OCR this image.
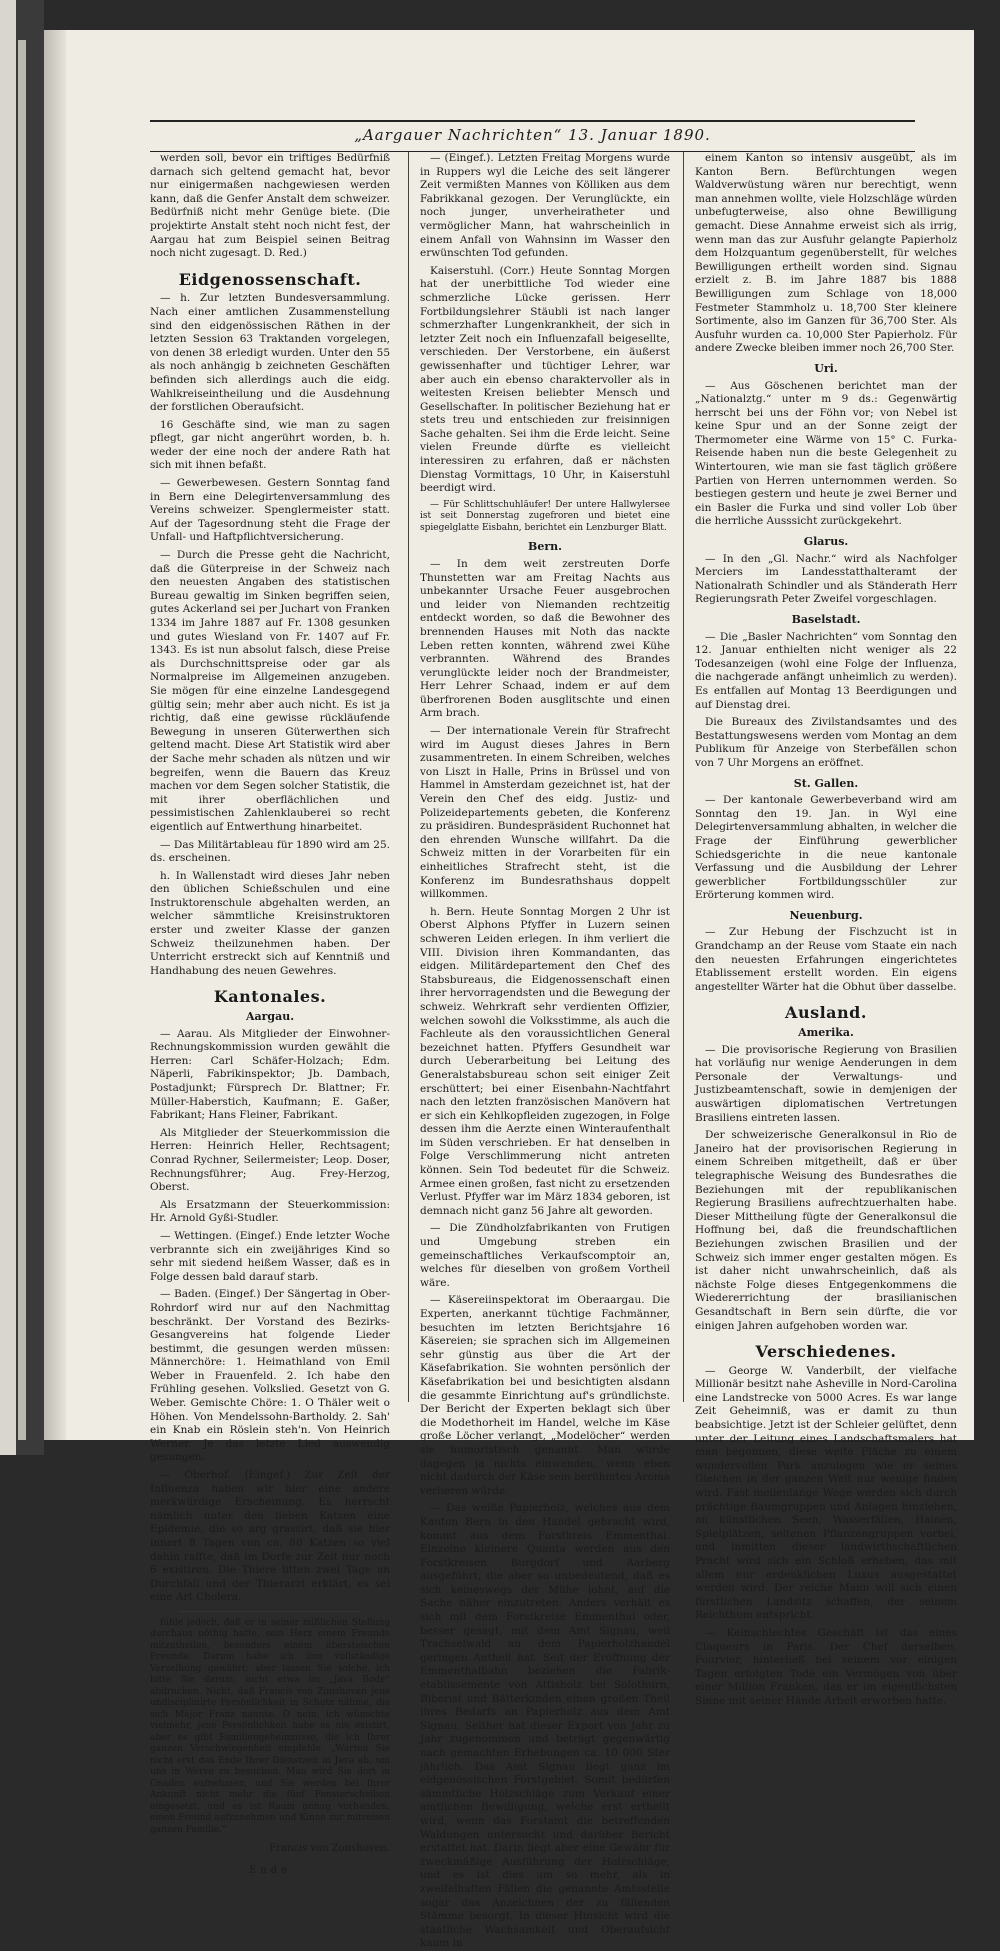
„Aargauer Nachrichten“ 13. Januar 1890.

werden soll, bevor ein triftiges Bedürfniß darnach sich geltend gemacht hat, bevor nur einigermaßen nachgewiesen werden kann, daß die Genfer Anstalt dem schweizer. Bedürfniß nicht mehr Genüge biete. (Die projektirte Anstalt steht noch nicht fest, der Aargau hat zum Beispiel seinen Beitrag noch nicht zugesagt. D. Red.)

Eidgenossenschaft.

— h. Zur letzten Bundesversammlung. Nach einer amtlichen Zusammenstellung sind den eidgenössischen Räthen in der letzten Session 63 Traktanden vorgelegen, von denen 38 erledigt wurden. Unter den 55 als noch anhängig b zeichneten Geschäften befinden sich allerdings auch die eidg. Wahlkreiseintheilung und die Ausdehnung der forstlichen Oberaufsicht.

16 Geschäfte sind, wie man zu sagen pflegt, gar nicht angerührt worden, b. h. weder der eine noch der andere Rath hat sich mit ihnen befaßt.

— Gewerbewesen. Gestern Sonntag fand in Bern eine Delegirtenversammlung des Vereins schweizer. Spenglermeister statt. Auf der Tagesordnung steht die Frage der Unfall- und Haftpflichtversicherung.

— Durch die Presse geht die Nachricht, daß die Güterpreise in der Schweiz nach den neuesten Angaben des statistischen Bureau gewaltig im Sinken begriffen seien, gutes Ackerland sei per Juchart von Franken 1334 im Jahre 1887 auf Fr. 1308 gesunken und gutes Wiesland von Fr. 1407 auf Fr. 1343. Es ist nun absolut falsch, diese Preise als Durchschnittspreise oder gar als Normalpreise im Allgemeinen anzugeben. Sie mögen für eine einzelne Landesgegend gültig sein; mehr aber auch nicht. Es ist ja richtig, daß eine gewisse rückläufende Bewegung in unseren Güterwerthen sich geltend macht. Diese Art Statistik wird aber der Sache mehr schaden als nützen und wir begreifen, wenn die Bauern das Kreuz machen vor dem Segen solcher Statistik, die mit ihrer oberflächlichen und pessimistischen Zahlenklauberei so recht eigentlich auf Entwerthung hinarbeitet.

— Das Militärtableau für 1890 wird am 25. ds. erscheinen.

h. In Wallenstadt wird dieses Jahr neben den üblichen Schießschulen und eine Instruktorenschule abgehalten werden, an welcher sämmtliche Kreisinstruktoren erster und zweiter Klasse der ganzen Schweiz theilzunehmen haben. Der Unterricht erstreckt sich auf Kenntniß und Handhabung des neuen Gewehres.

Kantonales.
Aargau.

— Aarau. Als Mitglieder der Einwohner-Rechnungskommission wurden gewählt die Herren: Carl Schäfer-Holzach; Edm. Näperli, Fabrikinspektor; Jb. Dambach, Postadjunkt; Fürsprech Dr. Blattner; Fr. Müller-Haberstich, Kaufmann; E. Gaßer, Fabrikant; Hans Fleiner, Fabrikant.

Als Mitglieder der Steuerkommission die Herren: Heinrich Heller, Rechtsagent; Conrad Rychner, Seilermeister; Leop. Doser, Rechnungsführer; Aug. Frey-Herzog, Oberst.

Als Ersatzmann der Steuerkommission: Hr. Arnold Gyßi-Studler.

— Wettingen. (Eingef.) Ende letzter Woche verbrannte sich ein zweijähriges Kind so sehr mit siedend heißem Wasser, daß es in Folge dessen bald darauf starb.

— Baden. (Eingef.) Der Sängertag in Ober-Rohrdorf wird nur auf den Nachmittag beschränkt. Der Vorstand des Bezirks-Gesangvereins hat folgende Lieder bestimmt, die gesungen werden müssen: Männerchöre: 1. Heimathland von Emil Weber in Frauenfeld. 2. Ich habe den Frühling gesehen. Volkslied. Gesetzt von G. Weber. Gemischte Chöre: 1. O Thäler weit o Höhen. Von Mendelssohn-Bartholdy. 2. Sah' ein Knab ein Röslein steh'n. Von Heinrich Werner. Je das letzte Lied auswendig gesungen.

— Oberhof. (Eingef.) Zur Zeit der Influenza haben wir hier eine andere merkwürdige Erscheinung. Es herrscht nämlich unter den lieben Katzen eine Epidemie, die so arg grassirt, daß sie hier innert 8 Tagen von ca. 80 Katzen so viel dahin raffte, daß im Dorfe zur Zeit nur noch 6 existiren. Die Thiere litten zwei Tage an Durchfall und der Thierarzt erklärt, es sei eine Art Cholera.

fühle jedoch, daß er in seiner mißlichen Stellung durchaus nöthig hatte, sein Herz einem Freunde mitzutheilen, besonders einem übersteischen Freunde. Darum habe ich ihm vollständige Verzeihung gewährt; aber lassen Sie solche, ich bitte Sie darum, nicht etwa im „Java Bode“ abdrucken. Nicht, daß Francis von Zonshoven jene undisciplinirte Persönlichkeit in Schutz nähme, die sich Major Franz nannte. O nein, ich wünschte vielmehr, jene Persönlichkeit habe es nie existirt, aber es gibt Familiengeheimnisse, die ich Ihrer ganzen Verschwiegenheit empfehle. „Warten Sie nicht erst das Ende Ihrer Dienstzeit in Java ab, um uns in Werve zu besuchen. Man wird Sie dort in Gnaden aufnehmen, und Sie werden bei Ihrer Ankunft nicht mehr die fünf Fensterscheiben eingesetzt, und es ist Raum genug vorhanden, einen Freund aufzunehmen und Kinne zur mitreisen ganzen Familie.“

Francis von Zonshoven.
Ende

— (Eingef.). Letzten Freitag Morgens wurde in Ruppers wyl die Leiche des seit längerer Zeit vermißten Mannes von Kölliken aus dem Fabrikkanal gezogen. Der Verunglückte, ein noch junger, unverheiratheter und vermöglicher Mann, hat wahrscheinlich in einem Anfall von Wahnsinn im Wasser den erwünschten Tod gefunden.

Kaiserstuhl. (Corr.) Heute Sonntag Morgen hat der unerbittliche Tod wieder eine schmerzliche Lücke gerissen. Herr Fortbildungslehrer Stäubli ist nach langer schmerzhafter Lungenkrankheit, der sich in letzter Zeit noch ein Influenzafall beigesellte, verschieden. Der Verstorbene, ein äußerst gewissenhafter und tüchtiger Lehrer, war aber auch ein ebenso charaktervoller als in weitesten Kreisen beliebter Mensch und Gesellschafter. In politischer Beziehung hat er stets treu und entschieden zur freisinnigen Sache gehalten. Sei ihm die Erde leicht. Seine vielen Freunde dürfte es vielleicht interessiren zu erfahren, daß er nächsten Dienstag Vormittags, 10 Uhr, in Kaiserstuhl beerdigt wird.

— Für Schlittschuhläufer! Der untere Hallwylersee ist seit Donnerstag zugefroren und bietet eine spiegelglatte Eisbahn, berichtet ein Lenzburger Blatt.

Bern.

— In dem weit zerstreuten Dorfe Thunstetten war am Freitag Nachts aus unbekannter Ursache Feuer ausgebrochen und leider von Niemanden rechtzeitig entdeckt worden, so daß die Bewohner des brennenden Hauses mit Noth das nackte Leben retten konnten, während zwei Kühe verbrannten. Während des Brandes verunglückte leider noch der Brandmeister, Herr Lehrer Schaad, indem er auf dem überfrorenen Boden ausglitschte und einen Arm brach.

— Der internationale Verein für Strafrecht wird im August dieses Jahres in Bern zusammentreten. In einem Schreiben, welches von Liszt in Halle, Prins in Brüssel und von Hammel in Amsterdam gezeichnet ist, hat der Verein den Chef des eidg. Justiz- und Polizeidepartements gebeten, die Konferenz zu präsidiren. Bundespräsident Ruchonnet hat den ehrenden Wunsche willfahrt. Da die Schweiz mitten in der Vorarbeiten für ein einheitliches Strafrecht steht, ist die Konferenz im Bundesrathshaus doppelt willkommen.

h. Bern. Heute Sonntag Morgen 2 Uhr ist Oberst Alphons Pfyffer in Luzern seinen schweren Leiden erlegen. In ihm verliert die VIII. Division ihren Kommandanten, das eidgen. Militärdepartement den Chef des Stabsbureaus, die Eidgenossenschaft einen ihrer hervorragendsten und die Bewegung der schweiz. Wehrkraft sehr verdienten Offizier, welchen sowohl die Volksstimme, als auch die Fachleute als den voraussichtlichen General bezeichnet hatten. Pfyffers Gesundheit war durch Ueberarbeitung bei Leitung des Generalstabsbureau schon seit einiger Zeit erschüttert; bei einer Eisenbahn-Nachtfahrt nach den letzten französischen Manövern hat er sich ein Kehlkopfleiden zugezogen, in Folge dessen ihm die Aerzte einen Winteraufenthalt im Süden verschrieben. Er hat denselben in Folge Verschlimmerung nicht antreten können. Sein Tod bedeutet für die Schweiz. Armee einen großen, fast nicht zu ersetzenden Verlust. Pfyffer war im März 1834 geboren, ist demnach nicht ganz 56 Jahre alt geworden.

— Die Zündholzfabrikanten von Frutigen und Umgebung streben ein gemeinschaftliches Verkaufscomptoir an, welches für dieselben von großem Vortheil wäre.

— Käsereiinspektorat im Oberaargau. Die Experten, anerkannt tüchtige Fachmänner, besuchten im letzten Berichtsjahre 16 Käsereien; sie sprachen sich im Allgemeinen sehr günstig aus über die Art der Käsefabrikation. Sie wohnten persönlich der Käsefabrikation bei und besichtigten alsdann die gesammte Einrichtung auf's gründlichste. Der Bericht der Experten beklagt sich über die Modethorheit im Handel, welche im Käse große Löcher verlangt, „Modelöcher“ werden sie humoristisch genannt. Man würde dagegen ja nichts einwenden, wenn eben nicht dadurch der Käse sein berühmtes Aroma verlieren würde.

— Das weiße Papierholz, welches aus dem Kanton Bern in den Handel gebracht wird, kommt aus dem Forstkreis Emmenthal. Einzelne kleinere Quanta werden aus den Forstkreisen Burgdorf und Aarberg ausgeführt, die aber so unbedeutend, daß es sich keineswegs der Mühe lohnt, auf die Sache näher einzutreten. Anders verhält es sich mit dem Forstkreise Emmenthal oder, besser gesagt, mit dem Amt Signau, weil Trachselwald an dem Papierholzhandel geringen Antheil hat. Seit der Eröffnung der Emmenthalbahn beziehen die Fabrik-etablissemente von Attisholz bei Solothurn, Biberist und Bätterkinden einen großen Theil ihres Bedarfs an Papierholz aus dem Amt Signau. Seither hat dieser Export von Jahr zu Jahr zugenommen und beträgt gegenwärtig nach gemachten Erhebungen ca. 10 000 Ster jährlich. Das Amt Signau liegt ganz im eidgenössischen Forstgebiet. Somit bedürfen sämmtliche Holzschläge zum Verkauf einer amtlichen Bewilligung, welche erst ertheilt wird, wenn das Forstamt die betreffenden Waldungen untersucht und darüber Bericht erstattet hat. Darin liegt aber eine Gewähr für zweckmäßige Ausführung der Holzschläge, und es ist dies um so mehr, als in zweifelhaften Fällen die genannte Amtsstelle sogar das Anzeichnen der zu fällenden Stämme besorgt. In dieser Hinsicht wird die staatliche Wachsamkeit und Oberaufsicht kaum in

einem Kanton so intensiv ausgeübt, als im Kanton Bern. Befürchtungen wegen Waldverwüstung wären nur berechtigt, wenn man annehmen wollte, viele Holzschläge würden unbefugterweise, also ohne Bewilligung gemacht. Diese Annahme erweist sich als irrig, wenn man das zur Ausfuhr gelangte Papierholz dem Holzquantum gegenüberstellt, für welches Bewilligungen ertheilt worden sind. Signau erzielt z. B. im Jahre 1887 bis 1888 Bewilligungen zum Schlage von 18,000 Festmeter Stammholz u. 18,700 Ster kleinere Sortimente, also im Ganzen für 36,700 Ster. Als Ausfuhr wurden ca. 10,000 Ster Papierholz. Für andere Zwecke bleiben immer noch 26,700 Ster.

Uri.

— Aus Göschenen berichtet man der „Nationalztg.“ unter m 9 ds.: Gegenwärtig herrscht bei uns der Föhn vor; von Nebel ist keine Spur und an der Sonne zeigt der Thermometer eine Wärme von 15° C. Furka-Reisende haben nun die beste Gelegenheit zu Wintertouren, wie man sie fast täglich größere Partien von Herren unternommen werden. So bestiegen gestern und heute je zwei Berner und ein Basler die Furka und sind voller Lob über die herrliche Ausssicht zurückgekehrt.

Glarus.

— In den „Gl. Nachr.“ wird als Nachfolger Merciers im Landesstatthalteramt der Nationalrath Schindler und als Ständerath Herr Regierungsrath Peter Zweifel vorgeschlagen.

Baselstadt.

— Die „Basler Nachrichten“ vom Sonntag den 12. Januar enthielten nicht weniger als 22 Todesanzeigen (wohl eine Folge der Influenza, die nachgerade anfängt unheimlich zu werden). Es entfallen auf Montag 13 Beerdigungen und auf Dienstag drei.

Die Bureaux des Zivilstandsamtes und des Bestattungswesens werden vom Montag an dem Publikum für Anzeige von Sterbefällen schon von 7 Uhr Morgens an eröffnet.

St. Gallen.

— Der kantonale Gewerbeverband wird am Sonntag den 19. Jan. in Wyl eine Delegirtenversammlung abhalten, in welcher die Frage der Einführung gewerblicher Schiedsgerichte in die neue kantonale Verfassung und die Ausbildung der Lehrer gewerblicher Fortbildungsschüler zur Erörterung kommen wird.

Neuenburg.

— Zur Hebung der Fischzucht ist in Grandchamp an der Reuse vom Staate ein nach den neuesten Erfahrungen eingerichtetes Etablissement erstellt worden. Ein eigens angestellter Wärter hat die Obhut über dasselbe.

Ausland.
Amerika.

— Die provisorische Regierung von Brasilien hat vorläufig nur wenige Aenderungen in dem Personale der Verwaltungs- und Justizbeamtenschaft, sowie in demjenigen der auswärtigen diplomatischen Vertretungen Brasiliens eintreten lassen.

Der schweizerische Generalkonsul in Rio de Janeiro hat der provisorischen Regierung in einem Schreiben mitgetheilt, daß er über telegraphische Weisung des Bundesrathes die Beziehungen mit der republikanischen Regierung Brasiliens aufrechtzuerhalten habe. Dieser Mittheilung fügte der Generalkonsul die Hoffnung bei, daß die freundschaftlichen Beziehungen zwischen Brasilien und der Schweiz sich immer enger gestalten mögen. Es ist daher nicht unwahrscheinlich, daß als nächste Folge dieses Entgegenkommens die Wiedererrichtung der brasilianischen Gesandtschaft in Bern sein dürfte, die vor einigen Jahren aufgehoben worden war.

Verschiedenes.

— George W. Vanderbilt, der vielfache Millionär besitzt nahe Asheville in Nord-Carolina eine Landstrecke von 5000 Acres. Es war lange Zeit Geheimniß, was er damit zu thun beabsichtige. Jetzt ist der Schleier gelüftet, denn unter der Leitung eines Landschaftsmalers hat man begonnen, diese weite Fläche zu einem wundervollen Park anzulegen wie er seines Gleichen in der ganzen Welt nur wenige finden wird. Fast meilenlange Wege werden sich durch prächtige Baumgruppen und Anlagen hinziehen, an künstlichen Seen, Wasserfällen, Hainen, Spielplätzen, seltenen Pflanzengruppen vorbei, und inmitten dieser landwirthschaftlichen Pracht wird sich ein Schloß erheben, das mit allem nur erdenklichen Luxus ausgestattet werden wird. Der reiche Mann will sich einen fürstlichen Landsitz schaffen, der seinem Reichthum entspricht.

— Keinschlechtes Geschäft ist das eines Claqueurs in Paris. Der Chef derselben, Fourvier, hinterließ bei seinem vor einigen Tagen erfolgten Tode ein Vermögen von über einer Million Franken, das er im eigentlichsten Sinne mit seiner Hände Arbeit erworben hatte.
